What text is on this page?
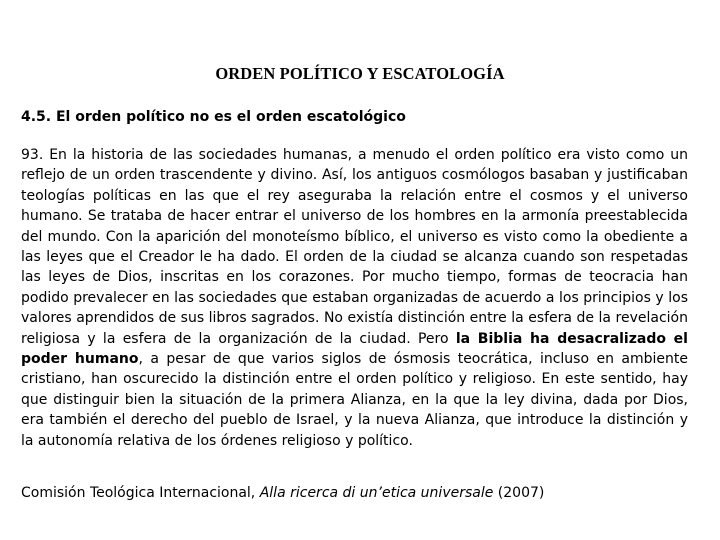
ORDEN POLÍTICO Y ESCATOLOGÍA
4.5. El orden político no es el orden escatológico

93. En la historia de las sociedades humanas, a menudo el orden político era visto como un reflejo de un orden trascendente y divino. Así, los antiguos cosmólogos basaban y justificaban teologías políticas en las que el rey aseguraba la relación entre el cosmos y el universo humano. Se trataba de hacer entrar el universo de los hombres en la armonía preestablecida del mundo. Con la aparición del monoteísmo bíblico, el universo es visto como la obediente a las leyes que el Creador le ha dado. El orden de la ciudad se alcanza cuando son respetadas las leyes de Dios, inscritas en los corazones. Por mucho tiempo, formas de teocracia han podido prevalecer en las sociedades que estaban organizadas de acuerdo a los principios y los valores aprendidos de sus libros sagrados. No existía distinción entre la esfera de la revelación religiosa y la esfera de la organización de la ciudad. Pero la Biblia ha desacralizado el poder humano, a pesar de que varios siglos de ósmosis teocrática, incluso en ambiente cristiano, han oscurecido la distinción entre el orden político y religioso. En este sentido, hay que distinguir bien la situación de la primera Alianza, en la que la ley divina, dada por Dios, era también el derecho del pueblo de Israel, y la nueva Alianza, que introduce la distinción y la autonomía relativa de los órdenes religioso y político.

Comisión Teológica Internacional, Alla ricerca di un’etica universale (2007)
